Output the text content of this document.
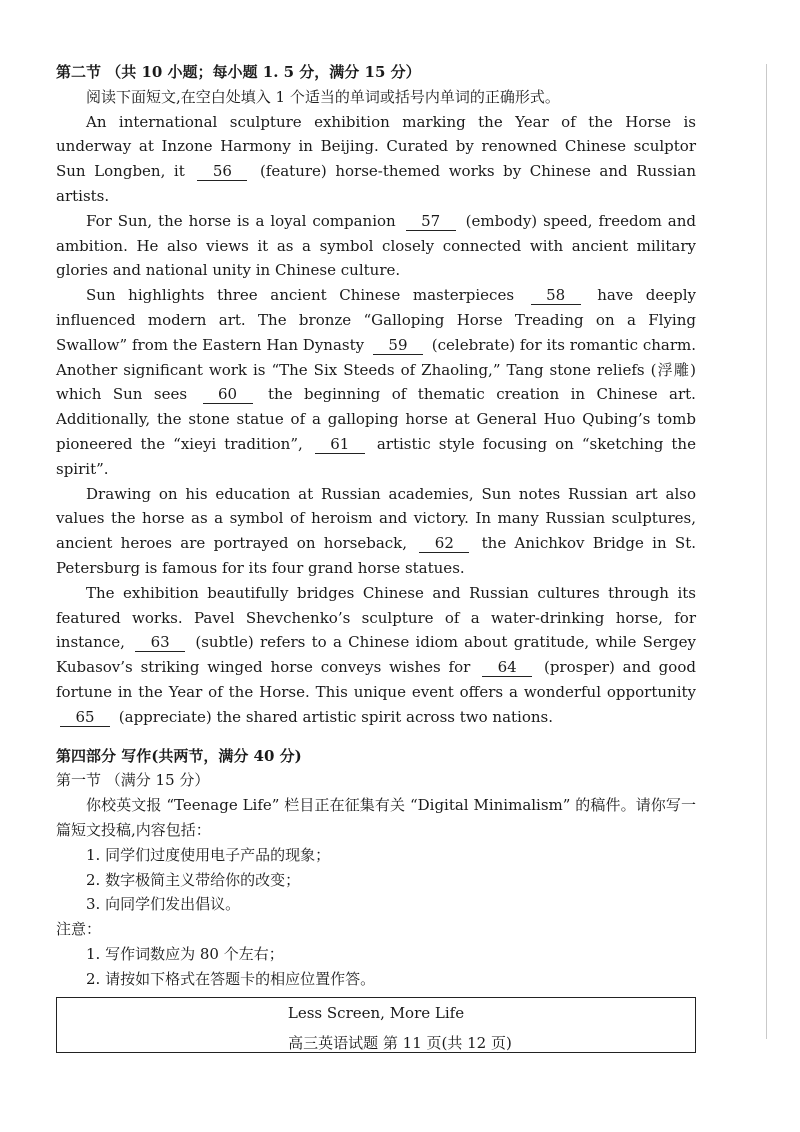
第二节 （共 10 小题；每小题 1. 5 分，满分 15 分）

阅读下面短文,在空白处填入 1 个适当的单词或括号内单词的正确形式。

An international sculpture exhibition marking the Year of the Horse is underway at Inzone Harmony in Beijing. Curated by renowned Chinese sculptor Sun Longben, it 56 (feature) horse-themed works by Chinese and Russian artists.

For Sun, the horse is a loyal companion 57 (embody) speed, freedom and ambition. He also views it as a symbol closely connected with ancient military glories and national unity in Chinese culture.

Sun highlights three ancient Chinese masterpieces 58 have deeply influenced modern art. The bronze “Galloping Horse Treading on a Flying Swallow” from the Eastern Han Dynasty 59 (celebrate) for its romantic charm. Another significant work is “The Six Steeds of Zhaoling,” Tang stone reliefs (浮雕) which Sun sees 60 the beginning of thematic creation in Chinese art. Additionally, the stone statue of a galloping horse at General Huo Qubing’s tomb pioneered the “xieyi tradition”, 61 artistic style focusing on “sketching the spirit”.

Drawing on his education at Russian academies, Sun notes Russian art also values the horse as a symbol of heroism and victory. In many Russian sculptures, ancient heroes are portrayed on horseback, 62 the Anichkov Bridge in St. Petersburg is famous for its four grand horse statues.

The exhibition beautifully bridges Chinese and Russian cultures through its featured works. Pavel Shevchenko’s sculpture of a water-drinking horse, for instance, 63 (subtle) refers to a Chinese idiom about gratitude, while Sergey Kubasov’s striking winged horse conveys wishes for 64 (prosper) and good fortune in the Year of the Horse. This unique event offers a wonderful opportunity 65 (appreciate) the shared artistic spirit across two nations.

第四部分 写作(共两节，满分 40 分)

第一节 （满分 15 分）

你校英文报 “Teenage Life” 栏目正在征集有关 “Digital Minimalism” 的稿件。请你写一篇短文投稿,内容包括：

1. 同学们过度使用电子产品的现象；

2. 数字极简主义带给你的改变；

3. 向同学们发出倡议。

注意：

1. 写作词数应为 80 个左右；

2. 请按如下格式在答题卡的相应位置作答。

Less Screen, More Life
高三英语试题 第 11 页(共 12 页)
